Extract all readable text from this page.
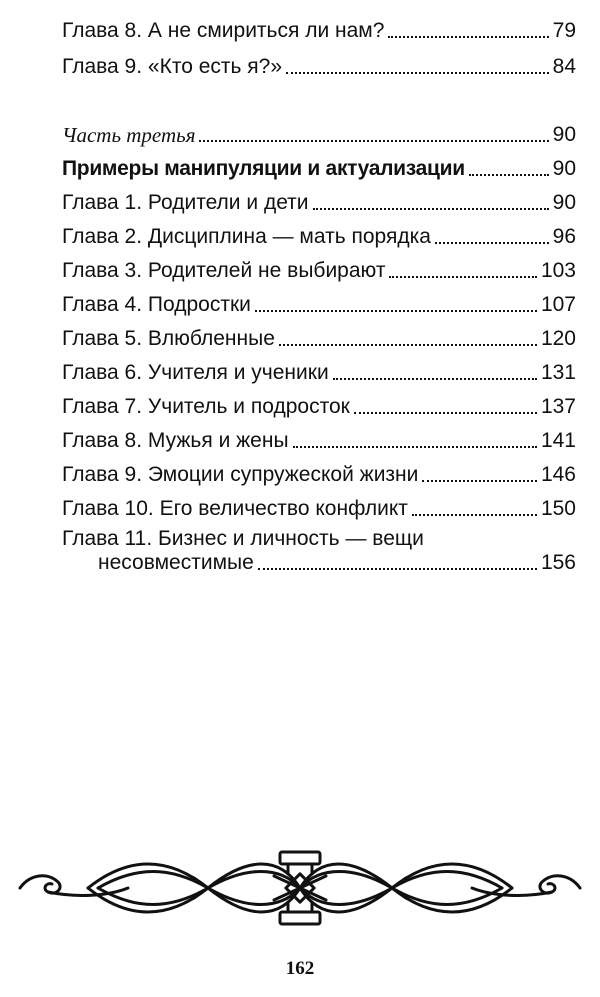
Глава 8. А не смириться ли нам?	79
Глава 9. «Кто есть я?»	84
Часть третья	90
Примеры манипуляции и актуализации	90
Глава 1. Родители и дети	90
Глава 2. Дисциплина — мать порядка	96
Глава 3. Родителей не выбирают	103
Глава 4. Подростки	107
Глава 5. Влюбленные	120
Глава 6. Учителя и ученики	131
Глава 7. Учитель и подросток	137
Глава 8. Мужья и жены	141
Глава 9. Эмоции супружеской жизни	146
Глава 10. Его величество конфликт	150
Глава 11. Бизнес и личность — вещи
несовместимые	156
162
